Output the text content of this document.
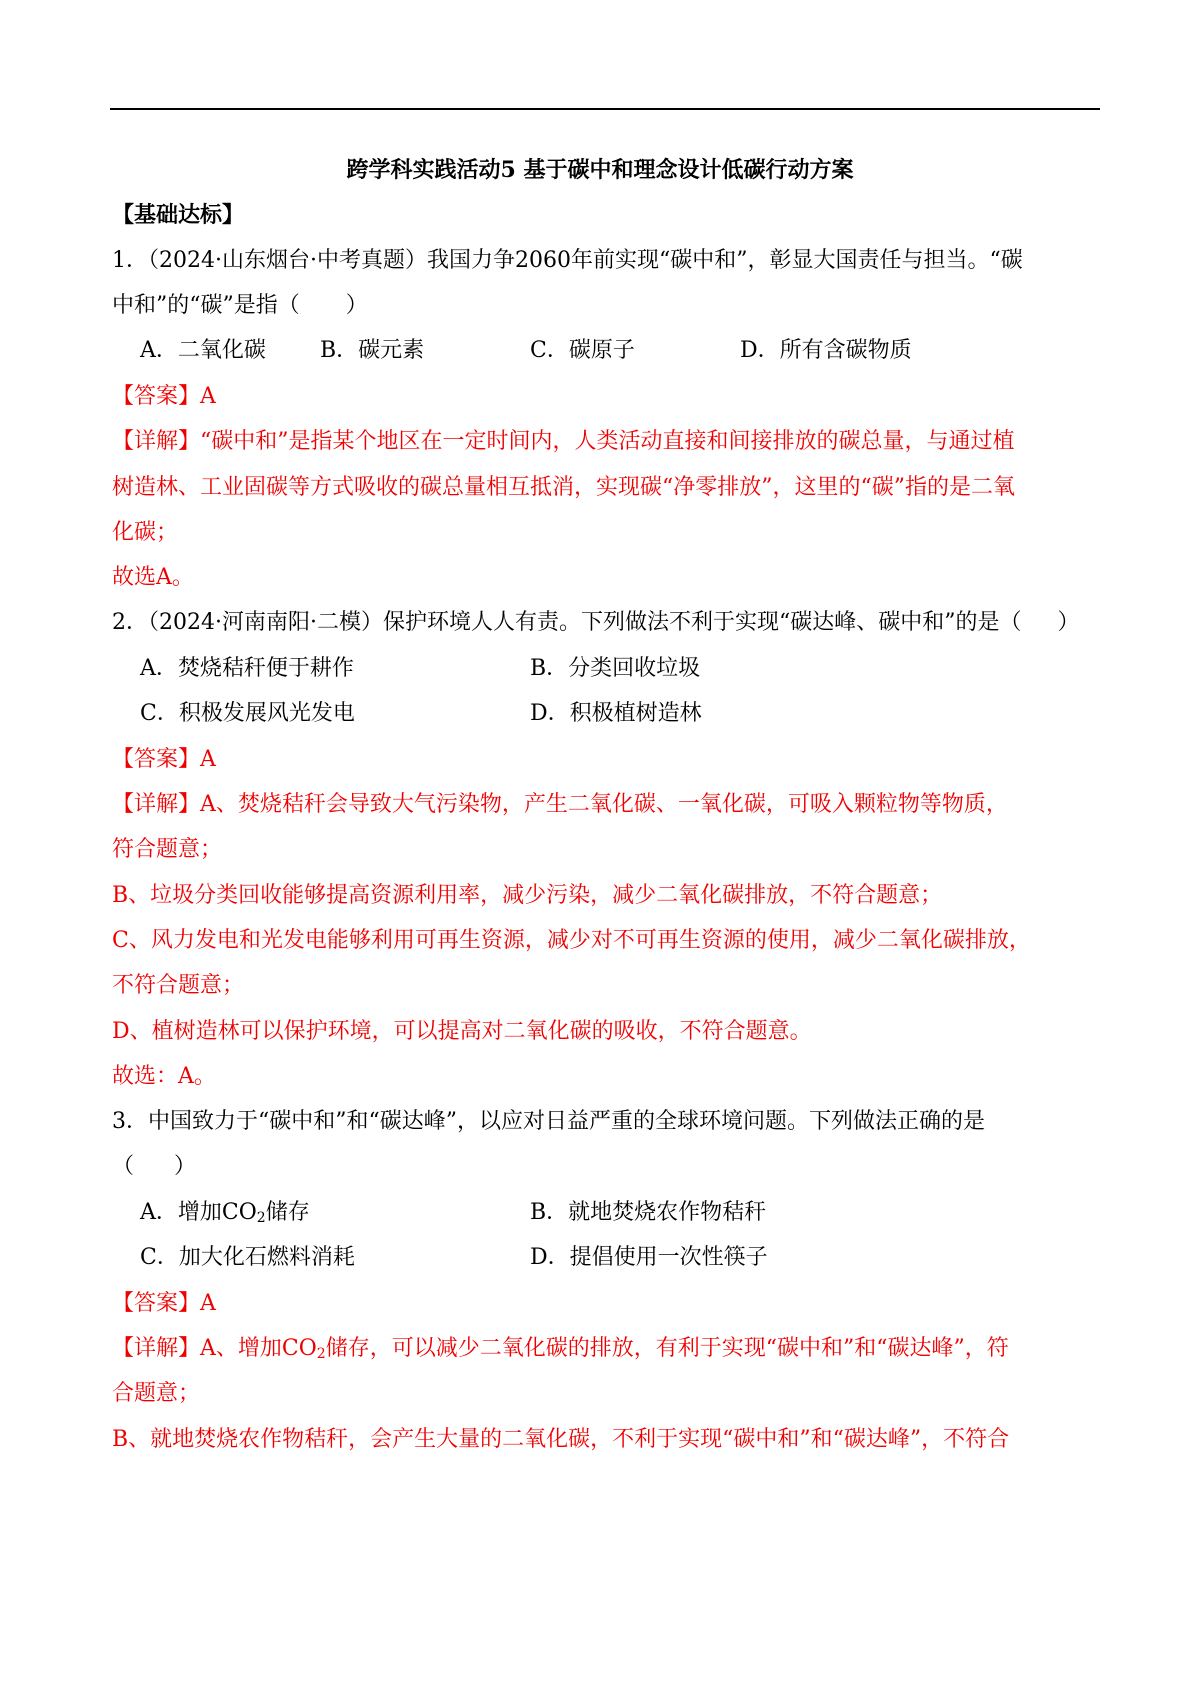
跨学科实践活动5 基于碳中和理念设计低碳行动方案
【基础达标】
1．（2024·山东烟台·中考真题）我国力争2060年前实现“碳中和”，彰显大国责任与担当。“碳
中和”的“碳”是指（ ）
A．二氧化碳 B．碳元素	C．碳原子	D．所有含碳物质
【答案】A
【详解】“碳中和”是指某个地区在一定时间内，人类活动直接和间接排放的碳总量，与通过植
树造林、工业固碳等方式吸收的碳总量相互抵消，实现碳“净零排放”，这里的“碳”指的是二氧
化碳；
故选A。
2．（2024·河南南阳·二模）保护环境人人有责。下列做法不利于实现“碳达峰、碳中和”的是（ ）
A．焚烧秸秆便于耕作	B．分类回收垃圾
C．积极发展风光发电	D．积极植树造林
【答案】A
【详解】A、焚烧秸秆会导致大气污染物，产生二氧化碳、一氧化碳，可吸入颗粒物等物质，
符合题意；
B、垃圾分类回收能够提高资源利用率，减少污染，减少二氧化碳排放，不符合题意；
C、风力发电和光发电能够利用可再生资源，减少对不可再生资源的使用，减少二氧化碳排放，
不符合题意；
D、植树造林可以保护环境，可以提高对二氧化碳的吸收，不符合题意。
故选：A。
3．中国致力于“碳中和”和“碳达峰”，以应对日益严重的全球环境问题。下列做法正确的是
（ ）
A．增加$CO_2$储存	B．就地焚烧农作物秸秆
C．加大化石燃料消耗	D．提倡使用一次性筷子
【答案】A
【详解】A、增加$CO_2$储存，可以减少二氧化碳的排放，有利于实现“碳中和”和“碳达峰”，符
合题意；
B、就地焚烧农作物秸秆，会产生大量的二氧化碳，不利于实现“碳中和”和“碳达峰”，不符合
